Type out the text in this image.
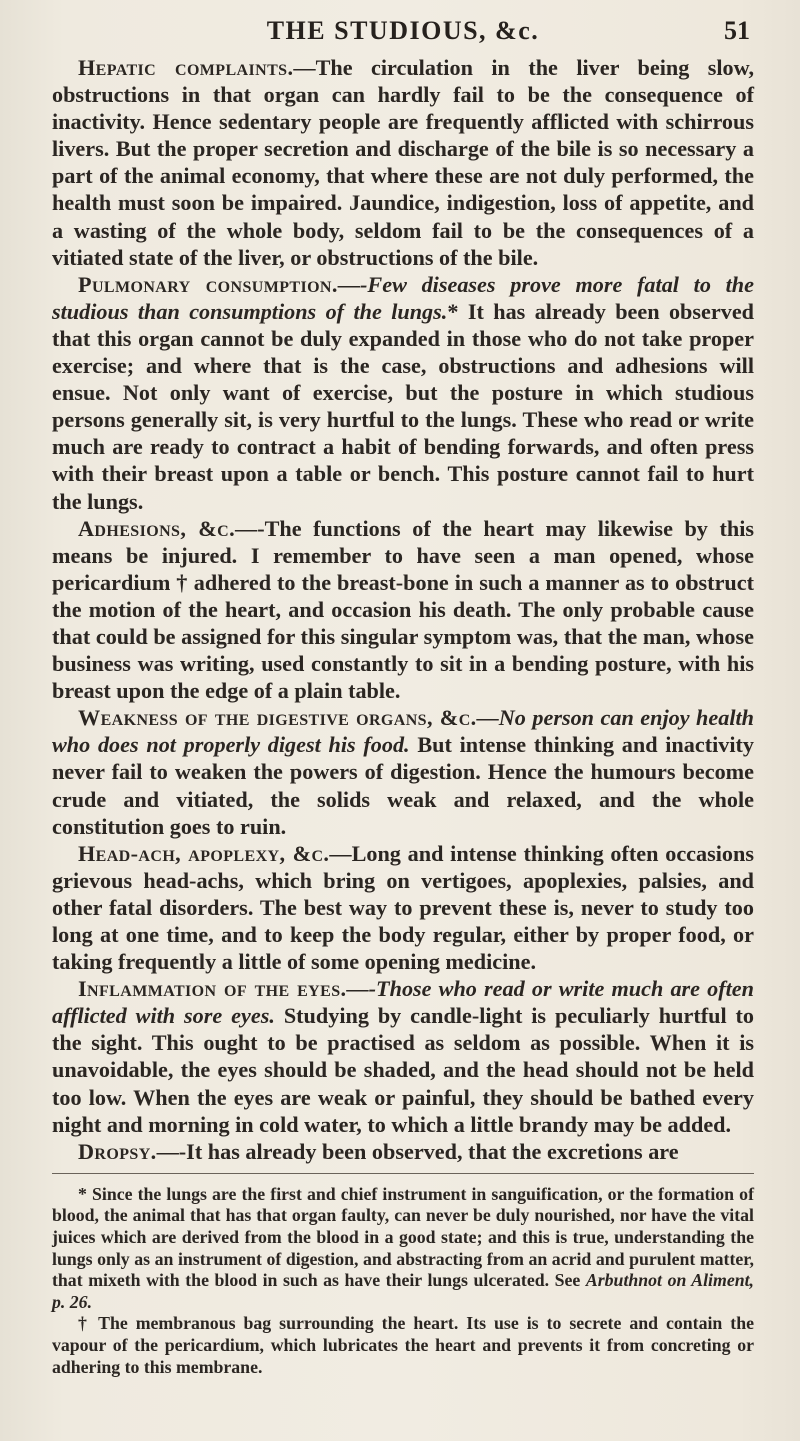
THE STUDIOUS, &c.	51

Hepatic complaints.—The circulation in the liver being slow, obstructions in that organ can hardly fail to be the consequence of inactivity. Hence sedentary people are frequently afflicted with schirrous livers. But the proper secretion and discharge of the bile is so necessary a part of the animal economy, that where these are not duly performed, the health must soon be impaired. Jaundice, indigestion, loss of appetite, and a wasting of the whole body, seldom fail to be the consequences of a vitiated state of the liver, or obstructions of the bile.

Pulmonary consumption.—-Few diseases prove more fatal to the studious than consumptions of the lungs.* It has already been observed that this organ cannot be duly expanded in those who do not take proper exercise; and where that is the case, obstructions and adhesions will ensue. Not only want of exercise, but the posture in which studious persons generally sit, is very hurtful to the lungs. These who read or write much are ready to contract a habit of bending forwards, and often press with their breast upon a table or bench. This posture cannot fail to hurt the lungs.

Adhesions, &c.—-The functions of the heart may likewise by this means be injured. I remember to have seen a man opened, whose pericardium † adhered to the breast-bone in such a manner as to obstruct the motion of the heart, and occasion his death. The only probable cause that could be assigned for this singular symptom was, that the man, whose business was writing, used constantly to sit in a bending posture, with his breast upon the edge of a plain table.

Weakness of the digestive organs, &c.—No person can enjoy health who does not properly digest his food. But intense thinking and inactivity never fail to weaken the powers of digestion. Hence the humours become crude and vitiated, the solids weak and relaxed, and the whole constitution goes to ruin.

Head-ach, apoplexy, &c.—Long and intense thinking often occasions grievous head-achs, which bring on vertigoes, apoplexies, palsies, and other fatal disorders. The best way to prevent these is, never to study too long at one time, and to keep the body regular, either by proper food, or taking frequently a little of some opening medicine.

Inflammation of the eyes.—-Those who read or write much are often afflicted with sore eyes. Studying by candle-light is peculiarly hurtful to the sight. This ought to be practised as seldom as possible. When it is unavoidable, the eyes should be shaded, and the head should not be held too low. When the eyes are weak or painful, they should be bathed every night and morning in cold water, to which a little brandy may be added.

Dropsy.—-It has already been observed, that the excretions are

* Since the lungs are the first and chief instrument in sanguification, or the formation of blood, the animal that has that organ faulty, can never be duly nourished, nor have the vital juices which are derived from the blood in a good state; and this is true, understanding the lungs only as an instrument of digestion, and abstracting from an acrid and purulent matter, that mixeth with the blood in such as have their lungs ulcerated. See Arbuthnot on Aliment, p. 26.

† The membranous bag surrounding the heart. Its use is to secrete and contain the vapour of the pericardium, which lubricates the heart and prevents it from concreting or adhering to this membrane.
